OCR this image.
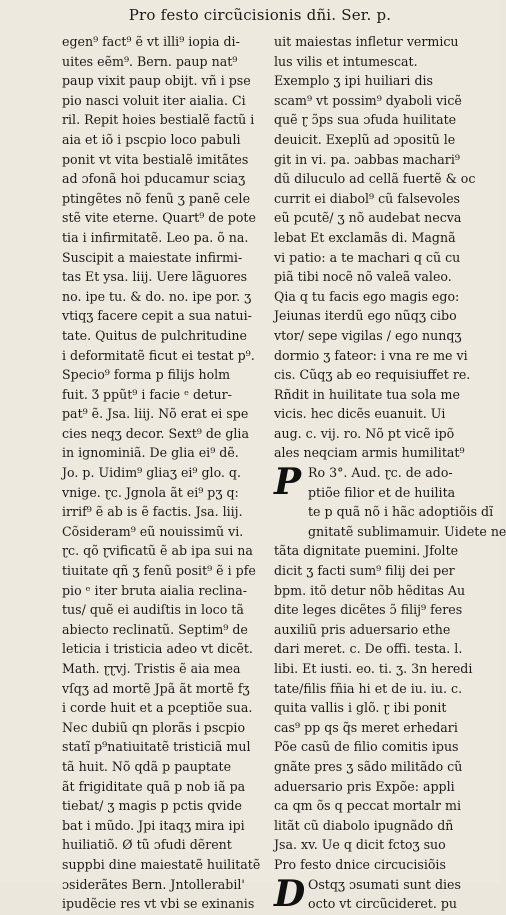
Pro festo circũcisionis dñi. Ser. p.
egen⁹ fact⁹ ẽ vt illi⁹ iopia di-
uites eẽm⁹. Bern. paup nat⁹
paup vixit paup obijt. vñ i pse
pio nasci voluit iter aialia. Ci
ril. Repit hoies bestialẽ factũ i
aia et iõ i pscpio loco pabuli
ponit vt vita bestialẽ imitãtes
ad ɔfonã hoi pducamur sciaʒ
ptingẽtes nõ fenũ ʒ panẽ cele
stẽ vite eterne. Quart⁹ de pote
tia i infirmitatẽ. Leo pa. õ na.
Suscipit a maiestate infirmi-
tas Et ysa. liij. Uere lãguores
no. ipe tu. & do. no. ipe por. ʒ
vtiqʒ facere cepit a sua natui-
tate. Quitus de pulchritudine
i deformitatẽ ficut ei testat p⁹.
Specio⁹ forma p filijs holm
fuit. Ʒ ppũt⁹ i facie ᵉ detur-
pat⁹ ẽ. Jsa. liij. Nõ erat ei spe
cies neqʒ decor. Sext⁹ de glia
in ignominiã. De glia ei⁹ dẽ.
Jo. p. Uidim⁹ gliaʒ ei⁹ glo. q.
vnige. ɽc. Jgnola ãt ei⁹ pʒ q:
irrif⁹ ẽ ab is ẽ factis. Jsa. liij.
Cõsideram⁹ eũ nouissimũ vi.
ɽc. qõ ɽvificatũ ẽ ab ipa sui na
tiuitate qñ ʒ fenũ posit⁹ ẽ i pfe
pio ᵉ iter bruta aialia reclina-
tus/ quẽ ei audiſtis in loco tã
abiecto reclinatũ. Septim⁹ de
leticia i tristicia adeo vt dicẽt.
Math. ɽɽvj. Tristis ẽ aia mea
vſqʒ ad mortẽ Jpã ãt mortẽ fʒ
i corde huit et a pceptiõe sua.
Nec dubiũ qn plorãs i pscpio
statĩ p⁹natiuitatẽ tristiciã mul
tã huit. Nõ qdã p pauptate
ãt frigiditate quã p nob iã pa
tiebat/ ʒ magis p pctis qvide
bat i mũdo. Jpi itaqʒ mira ipi
huiliatiõ. Ø tũ ɔfudi dẽrent
suppbi dine maiestatẽ huilitatẽ
ɔsiderãtes Bern. Jntollerabil'
ipudẽcie res vt vbi se exinanis
uit maiestas infletur vermicu
lus vilis et intumescat.
Exemplo ʒ ipi huiliari dis
scam⁹ vt possim⁹ dyaboli vicẽ
quẽ ɽ ɔ̃ps sua ɔfuda huilitate
deuicit. Exeplũ ad ɔpositũ le
git in vi. pa. ɔabbas machari⁹
dũ diluculo ad cellã fuertẽ & oc
currit ei diabol⁹ cũ falsevoles
eũ pcutẽ/ ʒ nõ audebat necva
lebat Et exclamãs di. Magnã
vi patio: a te machari q cũ cu
piã tibi nocẽ nõ valeã valeo.
Qia q tu facis ego magis ego:
Jeiunas iterdũ ego nũqʒ cibo
vtor/ sepe vigilas / ego nunqʒ
dormio ʒ fateor: i vna re me vi
cis. Cũqʒ ab eo requisiuffet re.
Rñdit in huilitate tua sola me
vicis. hec dicẽs euanuit. Ui
aug. c. vij. ro. Nõ pt vicẽ ipõ
ales neqciam armis humilitat⁹
P Ro 3°. Aud. ɽc. de ado-
ptiõe filior et de huilita
te p quã nõ i hãc adoptiõis dĩ
gnitatẽ sublimamuir. Uidete ne
tãta dignitate puemini. Jfolte
dicit ʒ facti sum⁹ filij dei per
bpm. itõ detur nõb hẽditas Au
dite leges dicẽtes ɔ̃ filij⁹ feres
auxiliũ pris aduersario ethe
dari meret. c. De offi. testa. l.
libi. Et iusti. eo. ti. ʒ. 3n heredi
tate/filis fñia hi et de iu. iu. c.
quita vallis i glõ. ɽ ibi ponit
cas⁹ pp qs q̃s meret erhedari
Põe casũ de filio comitis ipus
gnãte pres ʒ sãdo militãdo cũ
aduersario pris Expõe: appli
ca qm õs q peccat mortalr mi
litãt cũ diabolo ipugnãdo dñ
Jsa. xv. Ue q dicit fctoʒ suo
Pro festo dnice circucisiõis
D Ostqʒ ɔsumati sunt dies
octo vt circũcideret. pu
